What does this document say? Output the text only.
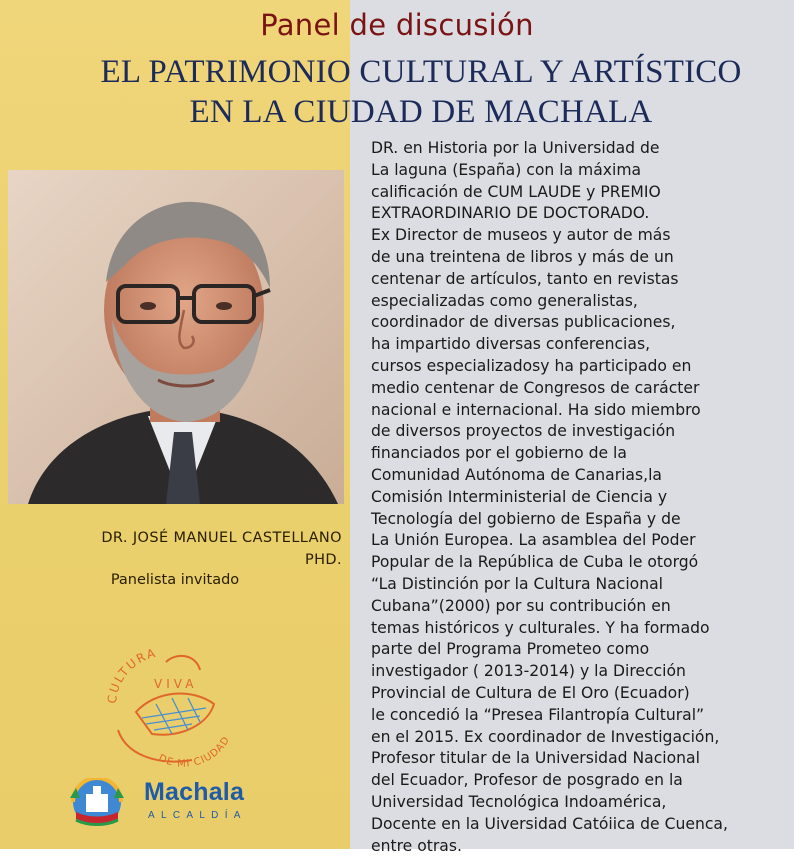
Panel de discusión
EL PATRIMONIO CULTURAL Y ARTÍSTICO
EN LA CIUDAD DE MACHALA
DR. JOSÉ MANUEL CASTELLANO
PHD.
Panelista invitado
DR. en Historia por la Universidad de
La laguna (España) con la máxima
calificación de CUM LAUDE y PREMIO
EXTRAORDINARIO DE DOCTORADO.
Ex Director de museos y autor de más
de una treintena de libros y más de un
centenar de artículos, tanto en revistas
especializadas como generalistas,
coordinador de diversas publicaciones,
ha impartido diversas conferencias,
cursos especializadosy ha participado en
medio centenar de Congresos de carácter
nacional e internacional. Ha sido miembro
de diversos proyectos de investigación
financiados por el gobierno de la
Comunidad Autónoma de Canarias,la
Comisión Interministerial de Ciencia y
Tecnología del gobierno de España y de
La Unión Europea. La asamblea del Poder
Popular de la República de Cuba le otorgó
“La Distinción por la Cultura Nacional
Cubana”(2000) por su contribución en
temas históricos y culturales. Y ha formado
parte del Programa Prometeo como
investigador ( 2013-2014) y la Dirección
Provincial de Cultura de El Oro (Ecuador)
le concedió la “Presea Filantropía Cultural”
en el 2015. Ex coordinador de Investigación,
Profesor titular de la Universidad Nacional
del Ecuador, Profesor de posgrado en la
Universidad Tecnológica Indoamérica,
Docente en la Uiversidad Catóiica de Cuenca,
entre otras.
CULTURA
VIVA
DE MI CIUDAD
Machala
ALCALDÍA
